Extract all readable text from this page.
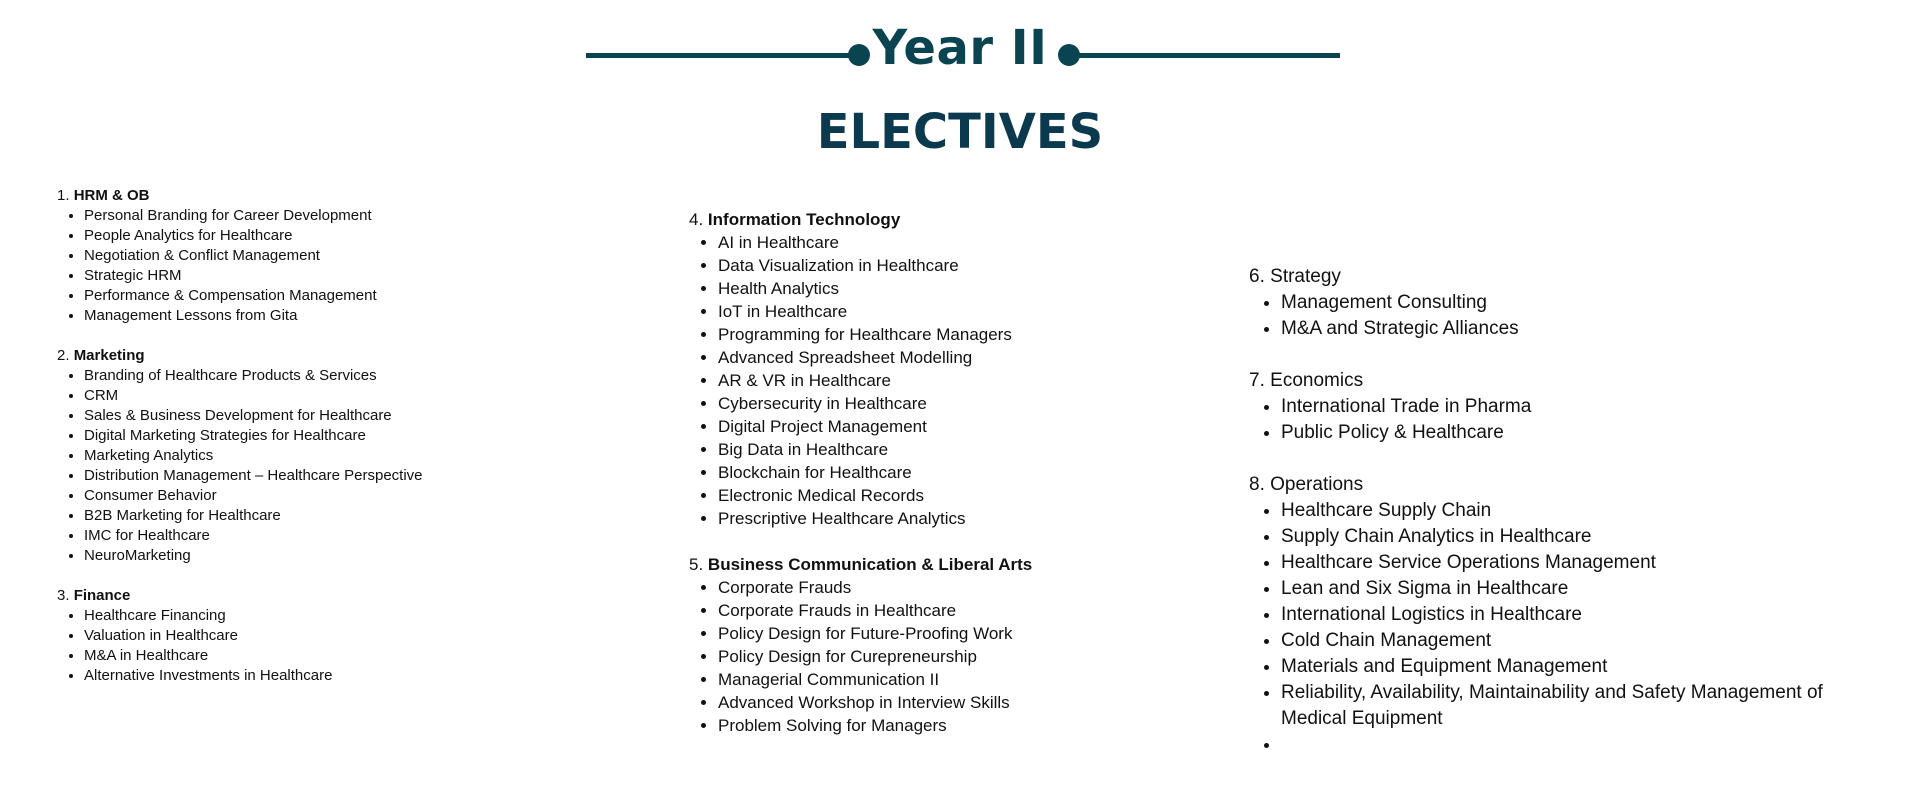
Year II
ELECTIVES
1. HRM & OB
• Personal Branding for Career Development
• People Analytics for Healthcare
• Negotiation & Conflict Management
• Strategic HRM
• Performance & Compensation Management
• Management Lessons from Gita
2. Marketing
• Branding of Healthcare Products & Services
• CRM
• Sales & Business Development for Healthcare
• Digital Marketing Strategies for Healthcare
• Marketing Analytics
• Distribution Management – Healthcare Perspective
• Consumer Behavior
• B2B Marketing for Healthcare
• IMC for Healthcare
• NeuroMarketing
3. Finance
• Healthcare Financing
• Valuation in Healthcare
• M&A in Healthcare
• Alternative Investments in Healthcare
4. Information Technology
• AI in Healthcare
• Data Visualization in Healthcare
• Health Analytics
• IoT in Healthcare
• Programming for Healthcare Managers
• Advanced Spreadsheet Modelling
• AR & VR in Healthcare
• Cybersecurity in Healthcare
• Digital Project Management
• Big Data in Healthcare
• Blockchain for Healthcare
• Electronic Medical Records
• Prescriptive Healthcare Analytics
5. Business Communication & Liberal Arts
• Corporate Frauds
• Corporate Frauds in Healthcare
• Policy Design for Future-Proofing Work
• Policy Design for Curepreneurship
• Managerial Communication II
• Advanced Workshop in Interview Skills
• Problem Solving for Managers
6. Strategy
• Management Consulting
• M&A and Strategic Alliances
7. Economics
• International Trade in Pharma
• Public Policy & Healthcare
8. Operations
• Healthcare Supply Chain
• Supply Chain Analytics in Healthcare
• Healthcare Service Operations Management
• Lean and Six Sigma in Healthcare
• International Logistics in Healthcare
• Cold Chain Management
• Materials and Equipment Management
• Reliability, Availability, Maintainability and Safety Management of Medical Equipment
•
